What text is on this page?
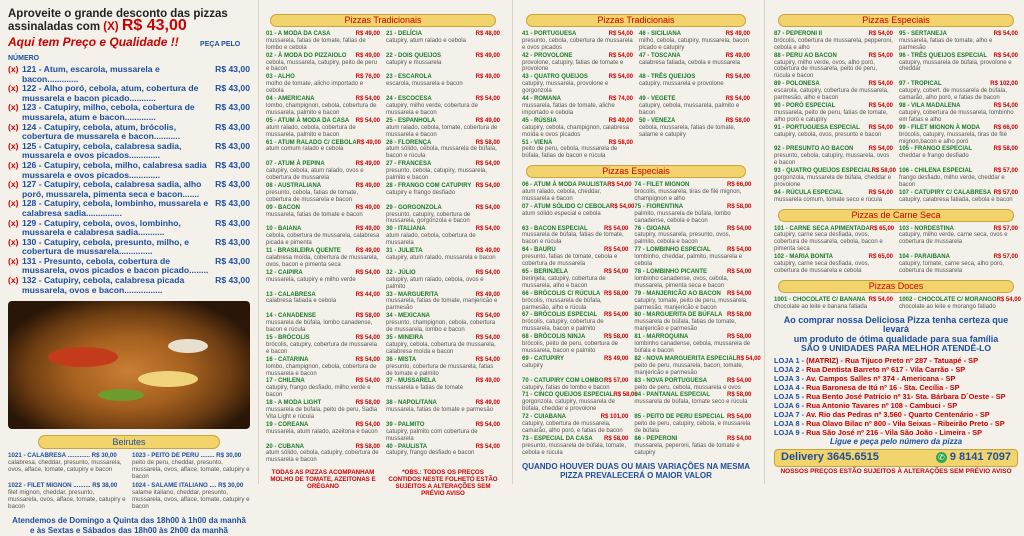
Aproveite o grande desconto das pizzas
assinaladas com (X) R$ 43,00
Aqui tem Preço e Qualidade !!	PEÇA PELO NÚMERO
(x) 121 - Atum, escarola, mussarela e bacon.............
R$ 43,00
(x) 122 - Alho poró, cebola, atum, cobertura de mussarela e bacon picado...........
R$ 43,00
(x) 123 - Catupiry, milho, cebola, cobertura de mussarela, atum e bacon.............
R$ 43,00
(x) 124 - Catupiry, cebola, atum, brócolis, cobertura de mussarela e bacon...........
R$ 43,00
(x) 125 - Catupiry, cebola, calabresa sadia, mussarela e ovos picados.............
R$ 43,00
(x) 126 - Catupiry, cebola, milho, calabresa sadia mussarela e ovos picados.............
R$ 43,00
(x) 127 - Catupiry, cebola, calabresa sadia, alho poró, mussarela, pimenta seca e bacon.......
R$ 43,00
(x) 128 - Catupiry, cebola, lombinho, mussarela e calabresa sadia...............
R$ 43,00
(x) 129 - Catupiry, cebola, ovos, lombinho, mussarela e calabresa sadia...........
R$ 43,00
(x) 130 - Catupiry, cebola, presunto, milho, e cobertura de mussarela..............
R$ 43,00
(x) 131 - Presunto, cebola, cobertura de mussarela, ovos picados e bacon picado........
R$ 43,00
(x) 132 - Catupiry, cebola, calabresa picada mussarela, ovos e bacon................
R$ 43,00
Beirutes
1021 - CALABRESA ............. R$ 30,00
calabresa, cheddar, presunto, mussarela, ovos, alface, tomate, catupiry e bacon
1023 - PEITO DE PERU ........ R$ 30,00
peito de peru, cheddar, presunto, mussarela, ovos, alface, tomate, catupiry e bacon
1022 - FILET MIGNON .......... R$ 38,00
filet mignon, cheddar, presunto, mussarela, ovos, alface, tomate, catupiry e bacon
1024 - SALAME ITALIANO .... R$ 30,00
salame italiano, cheddar, presunto, mussarela, ovos, alface, tomate, catupiry e bacon
Atendemos de Domingo a Quinta das 18h00 à 1h00 da manhã
e às Sextas e Sábados das 18h00 às 2h00 da manhã
Pizzas Tradicionais
01 - A MODA DA CASA	R$ 49,00
mussarela, fatias de tomate, fatias de lombo e cebola
21 - DELÍCIA	R$ 48,00
catupiry, atum ralado e cebola
02 - À MODA DO PIZZAIOLO	R$ 49,00
cebola, mussarela, catupiry, peito de peru e bacon
22 - DOIS QUEIJOS	R$ 49,00
catupiry e mussarela
03 - ALHO	R$ 76,00
molho de tomate, alicho importado e cebola
23 - ESCAROLA	R$ 49,00
escarola, mussarela e bacon
04 - AMERICANA	R$ 54,00
lombo, champignon, cebola, cobertura de mussarela, palmito e bacon
24 - ESCOCESA	R$ 54,00
catupiry, milho verde, cobertura de mussarela e bacon
05 - ATUM À MODA DA CASA	R$ 54,00
atum ralado, cebola, cobertura de mussarela, palmito e bacon
25 - ESPANHOLA	R$ 49,00
atum ralado, cebola, tomate, cobertura de mussarela e bacon
61 - ATUM RALADO C/ CEBOLA R$ 49,00
atum comum ralado e cebola
26 - FLORENÇA	R$ 58,00
atum sólido, cebola, mussarela de búfala, bacon e rúcula
07 - ATUM À PEPINA	R$ 49,00
catupiry, cebola, atum ralado, ovos e cobertura de mussarela
27 - FRANCESA	R$ 54,00
presunto, cebola, catupiry, mussarela, palmito e bacon
08 - AUSTRALIANA	R$ 49,00
presunto, cebola, fatias de tomate, cobertura de mussarela e bacon
28 - FRANGO COM CATUPIRY R$ 54,00
catupiry e frango desfiado
09 - BACON	R$ 49,00
mussarela, fatias de tomate e bacon
29 - GORGONZOLA	R$ 54,00
presunto, catupiry, cobertura de mussarela, gorgonzola e bacon
10 - BAIANA	R$ 49,00
cebola, cobertura de mussarela, calabresa picada e pimenta
30 - ITALIANA	R$ 54,00
atum ralado, cebola, cobertura de mussarela
11 - BRASILEIRA QUENTE	R$ 49,00
calabresa moída, cobertura de mussarela, ovos, bacon e pimenta seca
31 - JULIETA	R$ 49,00
catupiry, atum ralado, mussarela e bacon
12 - CAIPIRA	R$ 54,00
mussarela, catupiry e milho verde
32 - JÚLIO	R$ 54,00
catupiry, atum ralado, cebola, ovos e palmito
13 - CALABRESA	R$ 44,00
calabresa fatiada e cebola
33 - MARGUERITA	R$ 49,00
mussarela, fatias de tomate, manjericão e parmesão
14 - CANADENSE	R$ 58,00
mussarela de búfala, lombo canadense, bacon e rúcula
34 - MEXICANA	R$ 54,00
presunto, champignon, cebola, cobertura de mussarela, lombo e bacon
15 - BRÓCOLIS	R$ 54,00
brócolis, catupiry, cobertura de mussarela e bacon
35 - MINEIRA	R$ 54,00
catupiry, cebola, cobertura de mussarela, calabresa moída e bacon
16 - CATARINA	R$ 54,00
lombo, champignon, cebola, cobertura de mussarela e bacon
36 - MISTA	R$ 54,00
presunto, cobertura de mussarela, fatias de tomate e palmito
17 - CHILENA	R$ 54,00
catupiry, frango desfiado, milho verde e bacon
37 - MUSSARELA	R$ 49,00
mussarela e fatias de tomate
18 - A MODA LIGHT	R$ 58,00
mussarela de búfala, peito de peru, Sadia Vita Light e rúcula
38 - NAPOLITANA	R$ 49,00
mussarela, fatias de tomate e parmesão
19 - COREANA	R$ 54,00
mussarela, atum ralado, azeitona e bacon
39 - PALMITO	R$ 54,00
catupiry, palmito com cobertura de mussarela
20 - CUBANA	R$ 58,00
atum sólido, cebola, catupiry, cobertura de mussarela e bacon
40 - PAULISTA	R$ 54,00
catupiry, frango desfiado e bacon
TODAS AS PIZZAS ACOMPANHAM MOLHO DE TOMATE, AZEITONAS E ORÉGANO
*OBS.: TODOS OS PREÇOS CONTIDOS NESTE FOLHETO ESTÃO SUJEITOS A ALTERAÇÕES SEM PRÉVIO AVISO
Pizzas Tradicionais
41 - PORTUGUESA	R$ 54,00
presunto, cebola, cobertura de mussarela e ovos picados
46 - SICILIANA	R$ 49,00
milho, cebola, catupiry, mussarela, bacon picado e catupiry
42 - PROVOLONE	R$ 54,00
provolone, catupiry, fatias de tomate e provolone
47 - TOSCANA	R$ 49,00
calabresa fatiada, cebola e mussarela
43 - QUATRO QUEIJOS	R$ 54,00
catupiry, mussarela, provolone e gorgonzola
48 - TRÊS QUEIJOS	R$ 54,00
catupiry, mussarela e provolone
44 - ROMANA	R$ 74,00
mussarela, fatias de tomate, aliche importado e cebola
49 - VEGETE	R$ 54,00
catupiry, cebola, mussarela, palmito e bacon
45 - RÚSSIA	R$ 49,00
catupiry, cebola, champignon, calabresa moída e ovos picados
50 - VENEZA	R$ 58,00
cebola, mussarela, fatias de tomate, salame e catupiry
51 - VIENA	R$ 58,00
peito de peru, cebola, mussarela de búfala, fatias de bacon e rúcula
Pizzas Especiais
06 - ATUM À MODA PAULISTA R$ 54,00
atum ralado, cebola, cheddar, mussarela e bacon
74 - FILET MIGNON	R$ 66,00
brócolis, mussarela, tiras de filé mignon, champignon e alho
07 - ATUM SÓLIDO C/ CEBOLA R$ 54,00
atum sólido especial e cebola
75 - FIORENTINA	R$ 58,00
palmito, mussarela de búfala, lombo canadense, cebola e bacon
63 - BACON ESPECIAL	R$ 54,00
mussarela de búfala, fatias de tomate, bacon e rúcula
76 - GIOANA	R$ 54,00
catupiry, mussarela, presunto, ovos, palmito, cebola e bacon
64 - BAURU	R$ 54,00
presunto, fatias de tomate, cebola e cobertura de mussarela
77 - LOMBINHO ESPECIAL	R$ 54,00
lombinho, cheddar, palmito, mussarela e cebola
65 - BERINJELA	R$ 54,00
berinjela, catupiry, cobertura de mussarela, alho e bacon
78 - LOMBINHO PICANTE	R$ 54,00
lombinho canadense, ovos, cebola, mussarela, pimenta seca e bacon
66 - BRÓCOLIS C/ RÚCULA R$ 58,00
brócolis, mussarela de búfala, parmesão, alho e rúcula
79 - MANJERICÃO AO BACON	R$ 54,00
catupiry, tomate, peito de peru, mussarela, parmesão, manjericão e bacon
67 - BRÓCOLIS ESPECIAL	R$ 54,00
brócolis, catupiry, cobertura de mussarela, bacon e palmito
80 - MARGUERITA DE BÚFALA R$ 58,00
mussarela de búfala, fatias de tomate, manjericão e parmesão
68 - BRÓCOLIS NINJA	R$ 58,00
brócolis, peito de peru, cobertura de mussarela, bacon e palmito
81 - MARROQUINA	R$ 58,00
lombinho canadense, cebola, mussarela de búfala e bacon
69 - CATUPIRY	R$ 49,00
catupiry
82 - NOVA MARGUERITA ESPECIAL R$ 54,00
peito de peru, mussarela, bacon, tomate, manjericão e parmesão
70 - CATUPIRY COM LOMBO R$ 57,00
catupiry, fatias de lombo e bacon
83 - NOVA PORTUGUESA	R$ 54,00
peito de peru, cebola, mussarela e ovos
71 - CINCO QUEIJOS ESPECIAL R$ 58,00
gorgonzola, catupiry, mussarela de búfala, cheddar e provolone
84 - PANTANAL ESPECIAL	R$ 58,00
mussarela de búfala, tomate seco e rúcula
72 - CUIABANA	R$ 101,00
catupiry, cobertura de mussarela, camarão, alho poró, e fatias de bacon
85 - PEITO DE PERU ESPECIAL R$ 54,00
peito de peru, catupiry, cebola, e mussarela de búfala
73 - ESPECIAL DA CASA	R$ 58,00
presunto, mussarela de búfala, tomate, cebola e rúcula
86 - PEPERONI	R$ 54,00
mussarela, peperoni, fatias de tomate e catupiry
QUANDO HOUVER DUAS OU MAIS VARIAÇÕES NA MESMA PIZZA PREVALECERÁ O MAIOR VALOR
Pizzas Especiais
87 - PEPERONI II	R$ 54,00
brócolis, cobertura de mussarela, pepperoni, cebola e alho
95 - SERTANEJA	R$ 54,00
mussarela, fatias de tomate, alho e parmesão
88 - PERU AO BACON	R$ 54,00
catupiry, milho verde, ovos, alho poró, cobertura de mussarela, peito de peru, rúcula e bacon
96 - TRÊS QUEIJOS ESPECIAL	R$ 54,00
catupiry, mussarela de búfala, provolone e cheddar
89 - POLONESA	R$ 54,00
escarola, catupiry, cobertura de mussarela, parmesão, alho e bacon
97 - TROPICAL	R$ 102,00
catupiry, cobert. de mussarela de búfala, camarão, alho poró, e fatias de bacon
90 - PORÓ ESPECIAL	R$ 54,00
mussarela, peito de peru, fatias de tomate, alho poró e catupiry
98 - VILA MADALENA	R$ 54,00
catupiry, cobertura de mussarela, lombinho em fatias e alho
91 - PORTUGUESA ESPECIAL	R$ 54,00
catupiry, cebola, ovos, presunto e bacon
99 - FILET MIGNON À MODA	R$ 66,00
brócolis, catupiry, mussarela, tiras de filé mignon,bacon e alho poró
92 - PRESUNTO AO BACON	R$ 54,00
presunto, cebola, catupiry, mussarela, ovos e bacon
105 - FRANGO ESPECIAL	R$ 58,00
cheddar e frango desfiado
93 - QUATRO QUEIJOS ESPECIAL R$ 58,00
gorgonzola, mussarela de búfala, cheddar e provolone
106 - CHILENA ESPECIAL	R$ 57,00
frango desfiado, milho verde, cheddar e bacon
94 - RÚCULA ESPECIAL	R$ 54,00
mussarela comum, tomate seco e rúcula
107 - CATUPIRY C/ CALABRESA R$ 57,00
catupiry, calabresa fatiada, cebola e bacon
Pizzas de Carne Seca
101 - CARNE SECA APIMENTADA R$ 65,00
catupiry, carne seca desfiada, ovos, cobertura de mussarela, cebola, bacon e pimenta seca
103 - NORDESTINA	R$ 57,00
catupiry, milho verde, carne seca, ovos e cobertura de mussarela
102 - MARIA BONITA	R$ 65,00
catupiry, carne seca desfiada, ovos, cobertura de mussarela e cebola
104 - PARAIBANA	R$ 57,00
catupiry, tomate, carne seca, alho poró, cobertura de mussarela
Pizzas Doces
1001 - CHOCOLATE C/ BANANA R$ 54,00
chocolate ao leite e banana fatiada
1002 - CHOCOLATE C/ MORANGO R$ 54,00
chocolate ao leite e morango fatiado
Ao comprar nossa Deliciosa Pizza tenha certeza que levará
um produto de ótima qualidade para sua família
SÃO 9 UNIDADES PARA MELHOR ATENDÊ-LO
LOJA 1 - (MATRIZ) - Rua Tijuco Preto nº 287 - Tatuapé - SP
LOJA 2 - Rua Dentista Barreto nº 617 - Vila Carrão - SP
LOJA 3 - Av. Campos Salles nº 374 - Americana - SP
LOJA 4 - Rua Baronesa de Itú nº 16 - Sta. Cecília - SP
LOJA 5 - Rua Bento José Patrício nº 31- Sta. Bárbara D´Oeste - SP
LOJA 6 - Rua Antonio Tavares nº 108 - Cambuci - SP
LOJA 7 - Av. Rio das Pedras nº 3.560 - Quarto Centenário - SP
LOJA 8 - Rua Olavo Bilac nº 800 - Vila Seixas - Ribeirão Preto - SP
LOJA 9 - Rua São José nº 216 - Vila São João - Limeira - SP
Ligue e peça pelo número da pizza
Delivery 3645.6515	✆ 9 8141 7097
NOSSOS PREÇOS ESTÃO SUJEITOS À ALTERAÇÕES SEM PRÉVIO AVISO
